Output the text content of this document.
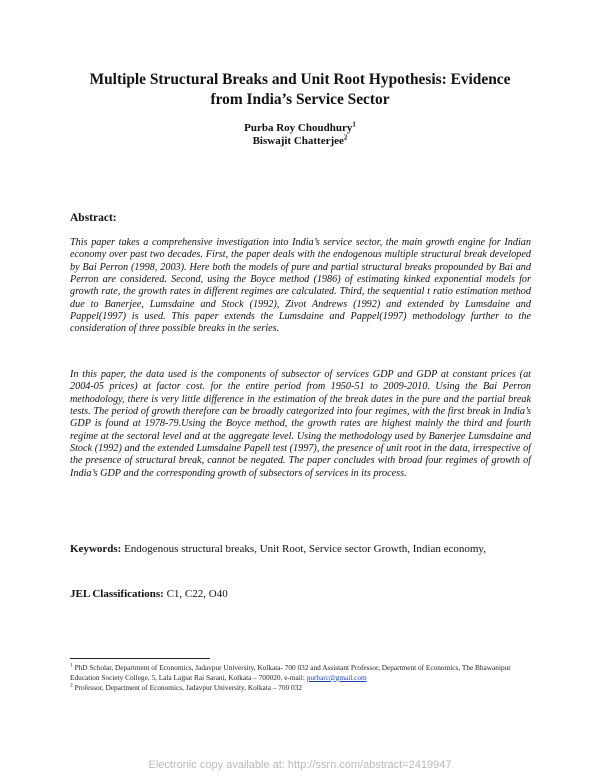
Multiple Structural Breaks and Unit Root Hypothesis: Evidence
from India’s Service Sector
Purba Roy Choudhury$^1$
Biswajit Chatterjee$^2$
Abstract:

This paper takes a comprehensive investigation into India’s service sector, the main growth engine for Indian economy over past two decades. First, the paper deals with the endogenous multiple structural break developed by Bai Perron (1998, 2003). Here both the models of pure and partial structural breaks propounded by Bai and Perron are considered. Second, using the Boyce method (1986) of estimating kinked exponential models for growth rate, the growth rates in different regimes are calculated. Third, the sequential t ratio estimation method due to Banerjee, Lumsdaine and Stock (1992), Zivot Andrews (1992) and extended by Lumsdaine and Pappel(1997) is used. This paper extends the Lumsdaine and Pappel(1997) methodology further to the consideration of three possible breaks in the series.

In this paper, the data used is the components of subsector of services GDP and GDP at constant prices (at 2004-05 prices) at factor cost. for the entire period from 1950-51 to 2009-2010. Using the Bai Perron methodology, there is very little difference in the estimation of the break dates in the pure and the partial break tests. The period of growth therefore can be broadly categorized into four regimes, with the first break in India’s GDP is found at 1978-79.Using the Boyce method, the growth rates are highest mainly the third and fourth regime at the sectoral level and at the aggregate level. Using the methodology used by Banerjee Lumsdaine and Stock (1992) and the extended Lumsdaine Papell test (1997), the presence of unit root in the data, irrespective of the presence of structural break, cannot be negated. The paper concludes with broad four regimes of growth of India’s GDP and the corresponding growth of subsectors of services in its process.

Keywords: Endogenous structural breaks, Unit Root, Service sector Growth, Indian economy,
JEL Classifications: C1, C22, O40
$^1$ PhD Scholar, Department of Economics, Jadavpur University, Kolkata- 700 032 and Assistant Professor, Department of Economics, The Bhawanipur Education Society College, 5, Lala Lajpat Rai Sarani, Kolkata – 700020. e-mail: purbarc@gmail.com
$^2$ Professor, Department of Economics, Jadavpur University, Kolkata – 700 032
Electronic copy available at: http://ssrn.com/abstract=2419947
